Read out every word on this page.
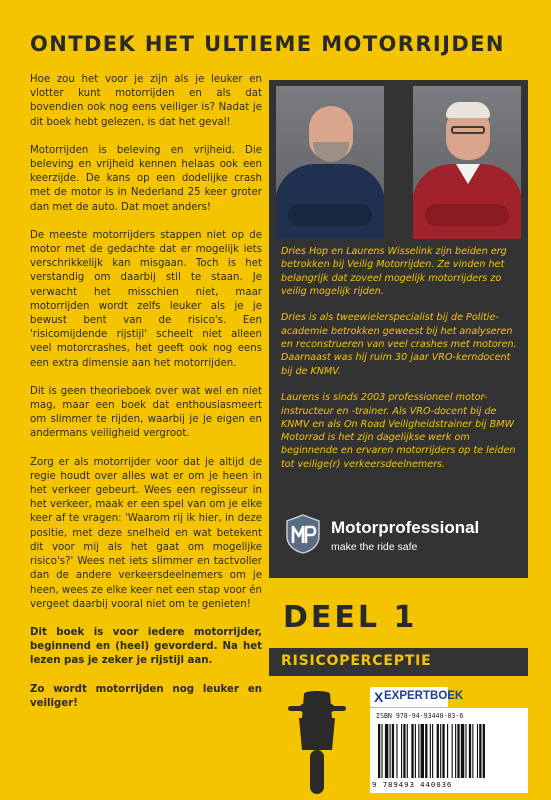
ONTDEK HET ULTIEME MOTORRIJDEN

Hoe zou het voor je zijn als je leuker en vlotter kunt motorrijden en als dat bovendien ook nog eens veiliger is? Nadat je dit boek hebt gelezen, is dat het geval!

Motorrijden is beleving en vrijheid. Die beleving en vrijheid kennen helaas ook een keerzijde. De kans op een dodelijke crash met de motor is in Nederland 25 keer groter dan met de auto. Dat moet anders!

De meeste motorrijders stappen niet op de motor met de gedachte dat er mogelijk iets verschrikkelijk kan misgaan. Toch is het verstandig om daarbij stil te staan. Je verwacht het misschien niet, maar motorrijden wordt zelfs leuker als je je bewust bent van de risico's. Een 'risicomijdende rijstijl' scheelt niet alleen veel motorcrashes, het geeft ook nog eens een extra dimensie aan het motorrijden.

Dit is geen theorieboek over wat wel en niet mag, maar een boek dat enthousiasmeert om slimmer te rijden, waarbij je je eigen en andermans veiligheid vergroot.

Zorg er als motorrijder voor dat je altijd de regie houdt over alles wat er om je heen in het verkeer gebeurt. Wees een regisseur in het verkeer, maak er een spel van om je elke keer af te vragen: 'Waarom rij ik hier, in deze positie, met deze snelheid en wat betekent dit voor mij als het gaat om mogelijke risico's?' Wees net iets slimmer en tactvoller dan de andere verkeersdeelnemers om je heen, wees ze elke keer net een stap voor én vergeet daarbij vooral niet om te genieten!

Dit boek is voor iedere motorrijder, beginnend en (heel) gevorderd. Na het lezen pas je zeker je rijstijl aan.

Zo wordt motorrijden nog leuker en veiliger!

Dries Hop en Laurens Wisselink zijn beiden erg betrokken bij Veilig Motorrijden. Ze vinden het belangrijk dat zoveel mogelijk motorrijders zo veilig mogelijk rijden.

Dries is als tweewielerspecialist bij de Politie-academie betrokken geweest bij het analyseren en reconstrueren van veel crashes met motoren. Daarnaast was hij ruim 30 jaar VRO-kerndocent bij de KNMV.

Laurens is sinds 2003 professioneel motor-instructeur en -trainer. Als VRO-docent bij de KNMV en als On Road Veiligheidstrainer bij BMW Motorrad is het zijn dagelijkse werk om beginnende en ervaren motorrijders op te leiden tot veilige(r) verkeersdeelnemers.

Motorprofessional
make the ride safe
DEEL 1
RISICOPERCEPTIE
X EXPERTBOEK
ISBN 978-94-93440-03-6
9 789493 440036
